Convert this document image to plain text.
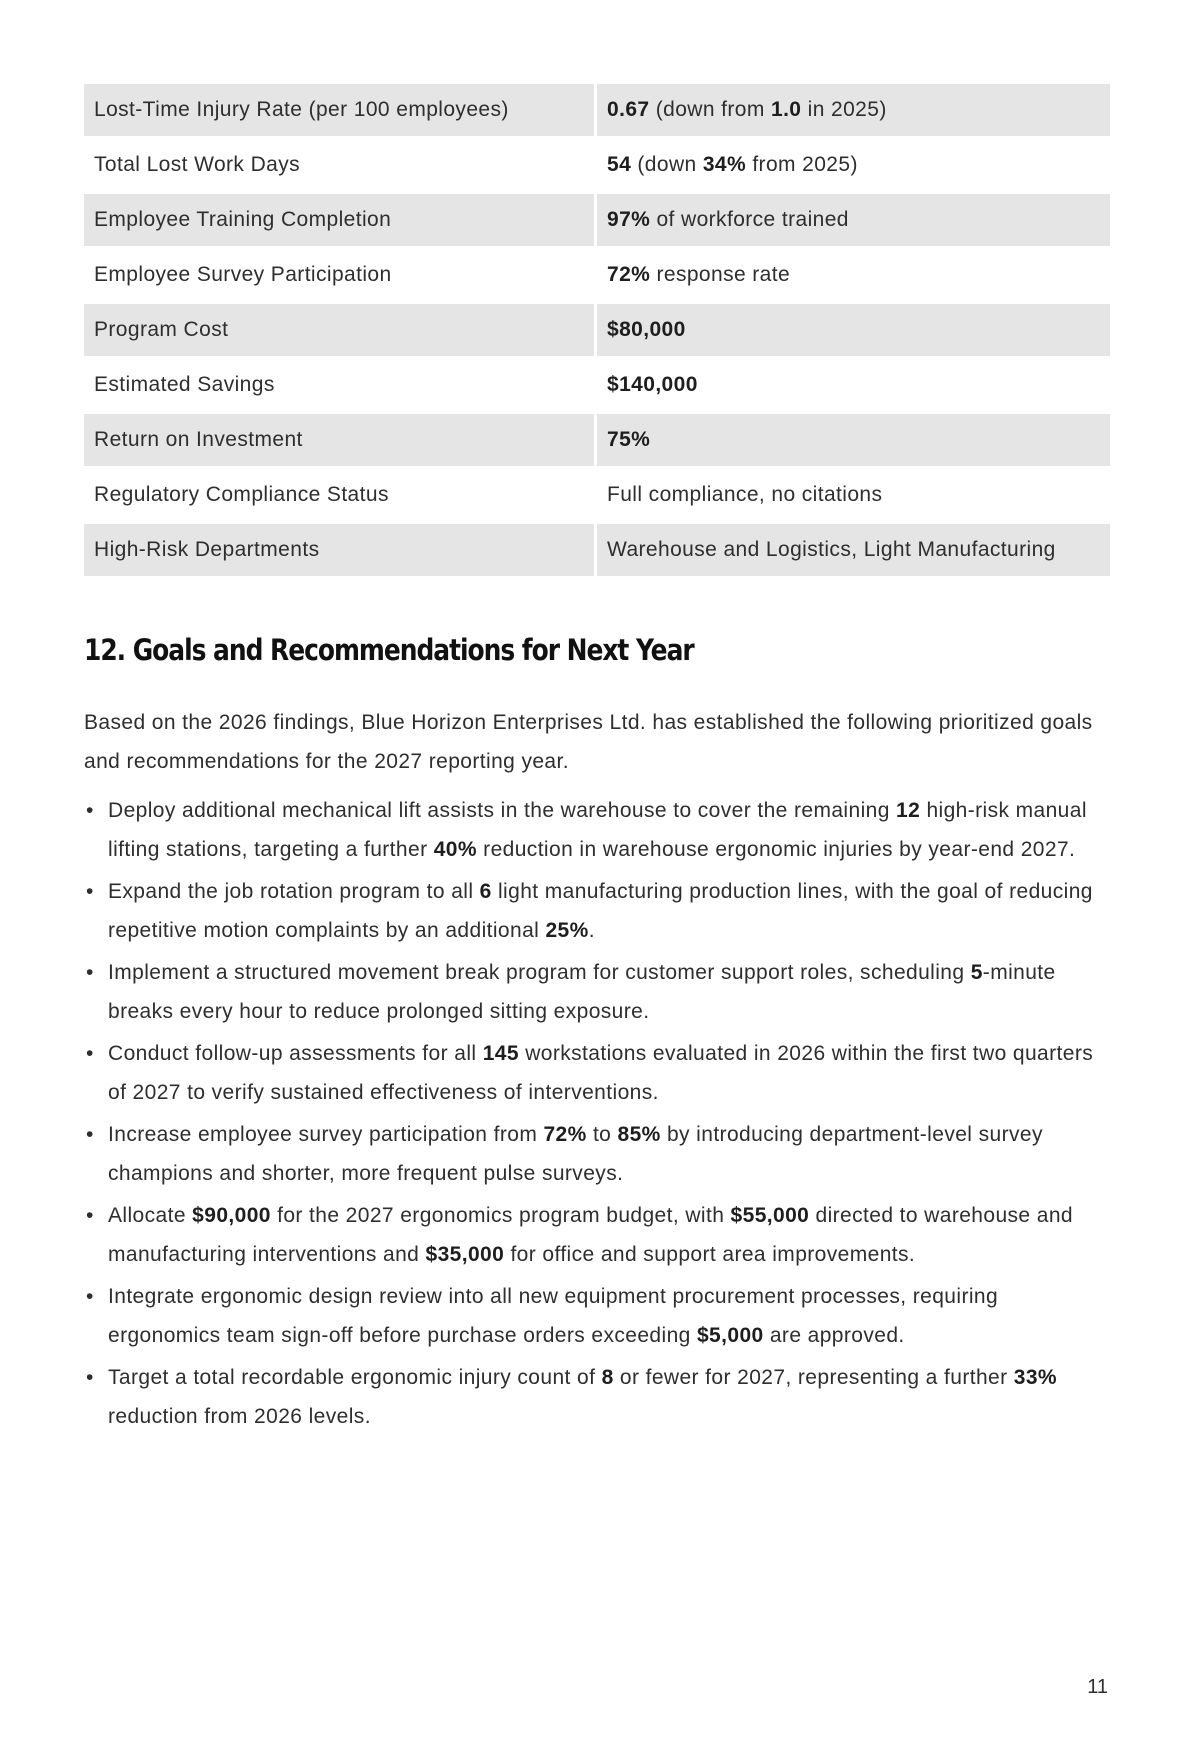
Lost-Time Injury Rate (per 100 employees)	0.67 (down from 1.0 in 2025)
Total Lost Work Days	54 (down 34% from 2025)
Employee Training Completion	97% of workforce trained
Employee Survey Participation	72% response rate
Program Cost	$80,000
Estimated Savings	$140,000
Return on Investment	75%
Regulatory Compliance Status	Full compliance, no citations
High-Risk Departments	Warehouse and Logistics, Light Manufacturing
12. Goals and Recommendations for Next Year

Based on the 2026 findings, Blue Horizon Enterprises Ltd. has established the following prioritized goals and recommendations for the 2027 reporting year.

• Deploy additional mechanical lift assists in the warehouse to cover the remaining 12 high-risk manual lifting stations, targeting a further 40% reduction in warehouse ergonomic injuries by year-end 2027.
• Expand the job rotation program to all 6 light manufacturing production lines, with the goal of reducing repetitive motion complaints by an additional 25%.
• Implement a structured movement break program for customer support roles, scheduling 5-minute breaks every hour to reduce prolonged sitting exposure.
• Conduct follow-up assessments for all 145 workstations evaluated in 2026 within the first two quarters of 2027 to verify sustained effectiveness of interventions.
• Increase employee survey participation from 72% to 85% by introducing department-level survey champions and shorter, more frequent pulse surveys.
• Allocate $90,000 for the 2027 ergonomics program budget, with $55,000 directed to warehouse and manufacturing interventions and $35,000 for office and support area improvements.
• Integrate ergonomic design review into all new equipment procurement processes, requiring ergonomics team sign-off before purchase orders exceeding $5,000 are approved.
• Target a total recordable ergonomic injury count of 8 or fewer for 2027, representing a further 33% reduction from 2026 levels.
11
